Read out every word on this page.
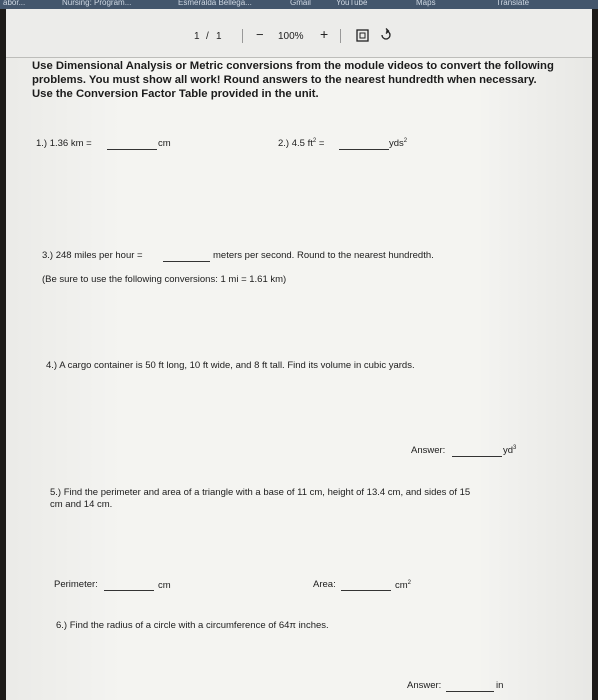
abor...	Nursing: Program...	Esmeralda Bellega...	Gmail	YouTube	Maps	Translate
1 / 1	− 100% +
Use Dimensional Analysis or Metric conversions from the module videos to convert the following problems. You must show all work! Round answers to the nearest hundredth when necessary. Use the Conversion Factor Table provided in the unit.
1.) 1.36 km =	cm	2.) 4.5 $ft^2$ =	yds$^2$
3.) 248 miles per hour =	meters per second. Round to the nearest hundredth.
(Be sure to use the following conversions: 1 mi = 1.61 km)
4.) A cargo container is 50 ft long, 10 ft wide, and 8 ft tall. Find its volume in cubic yards.
Answer:	$yd^3$
5.) Find the perimeter and area of a triangle with a base of 11 cm, height of 13.4 cm, and sides of 15
cm and 14 cm.
Perimeter:	cm	Area:	$cm^2$
6.) Find the radius of a circle with a circumference of 64π inches.
Answer:	in
